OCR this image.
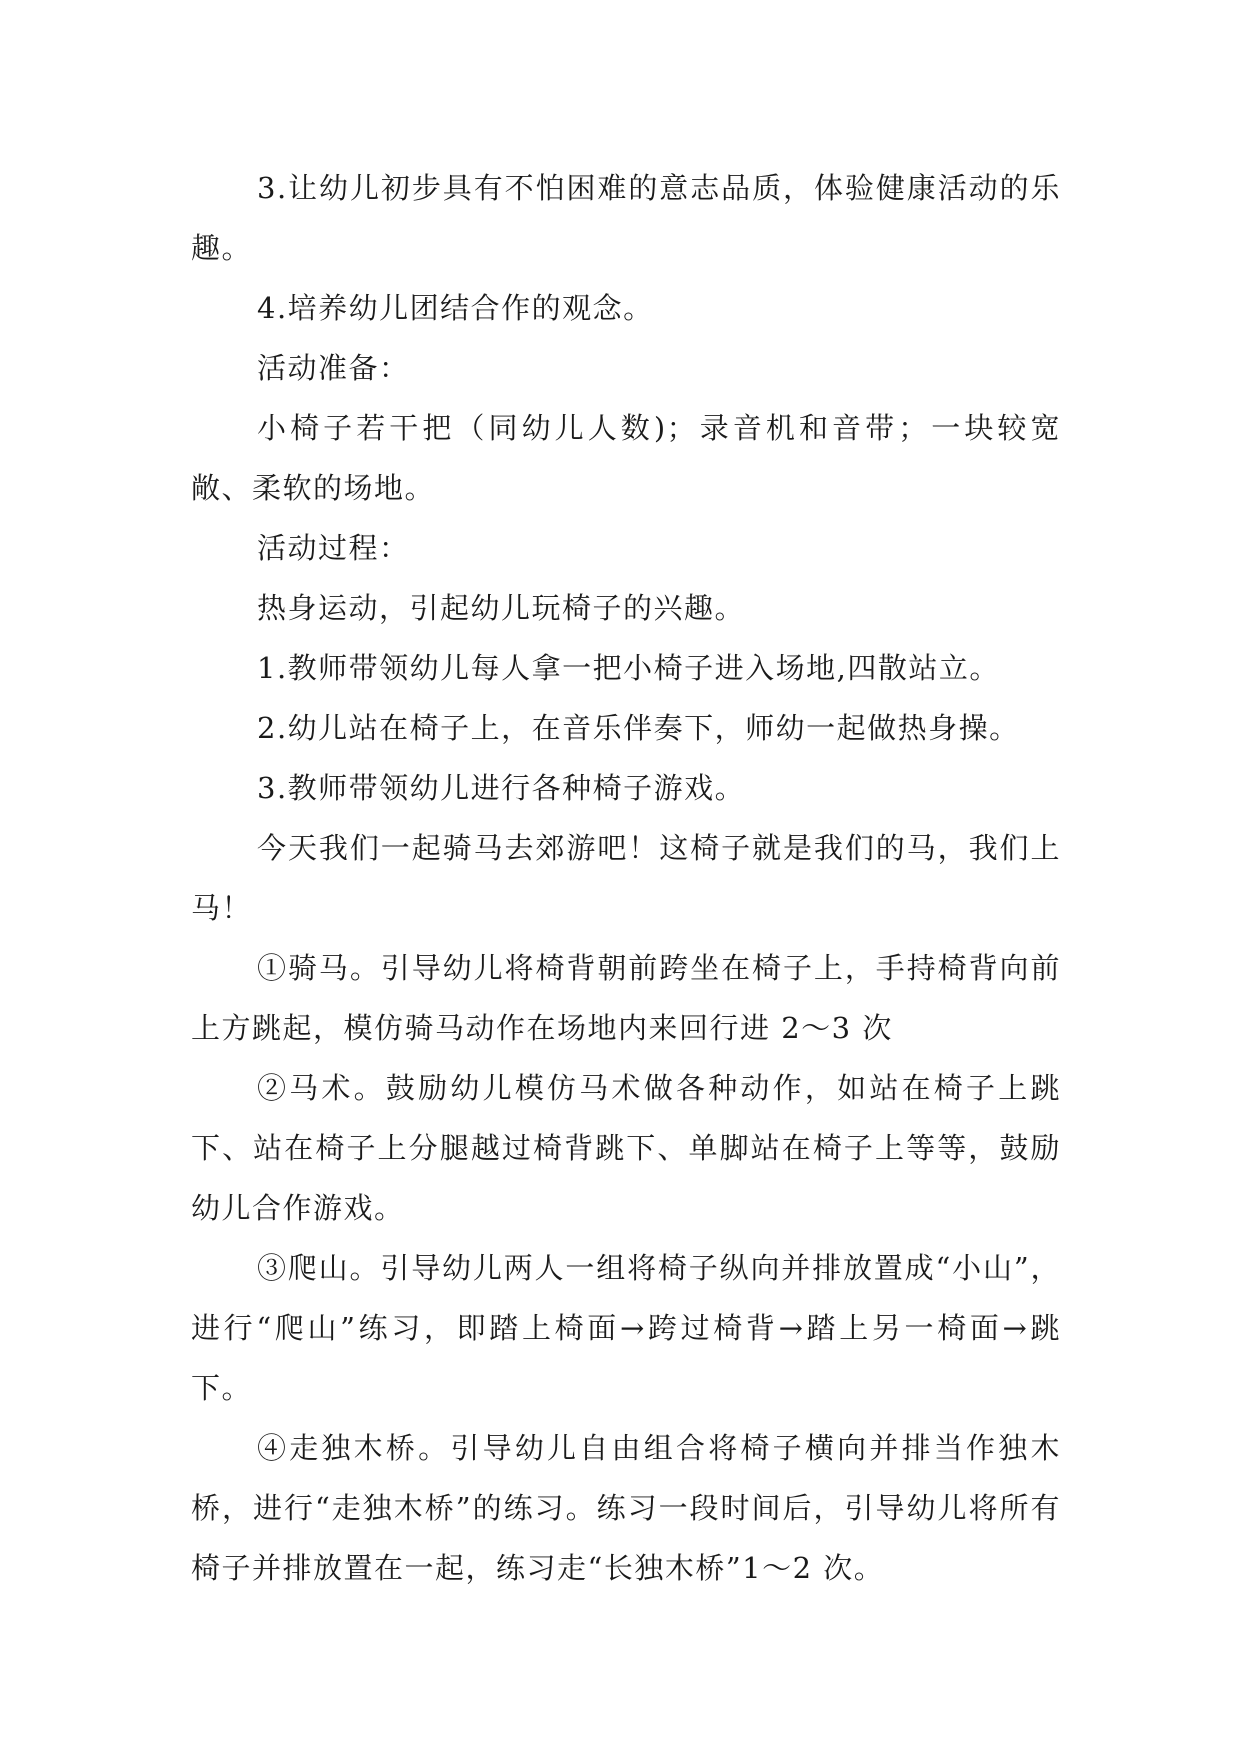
3.让幼儿初步具有不怕困难的意志品质，体验健康活动的乐趣。

4.培养幼儿团结合作的观念。

活动准备：

小椅子若干把（同幼儿人数)；录音机和音带；一块较宽敞、柔软的场地。

活动过程：

热身运动，引起幼儿玩椅子的兴趣。

1.教师带领幼儿每人拿一把小椅子进入场地,四散站立。

2.幼儿站在椅子上，在音乐伴奏下，师幼一起做热身操。

3.教师带领幼儿进行各种椅子游戏。

今天我们一起骑马去郊游吧！这椅子就是我们的马，我们上马！

①骑马。引导幼儿将椅背朝前跨坐在椅子上，手持椅背向前上方跳起，模仿骑马动作在场地内来回行进 2～3 次

②马术。鼓励幼儿模仿马术做各种动作，如站在椅子上跳下、站在椅子上分腿越过椅背跳下、单脚站在椅子上等等，鼓励幼儿合作游戏。

③爬山。引导幼儿两人一组将椅子纵向并排放置成“小山”，进行“爬山”练习，即踏上椅面→跨过椅背→踏上另一椅面→跳下。

④走独木桥。引导幼儿自由组合将椅子横向并排当作独木桥，进行“走独木桥”的练习。练习一段时间后，引导幼儿将所有椅子并排放置在一起，练习走“长独木桥”1～2 次。
